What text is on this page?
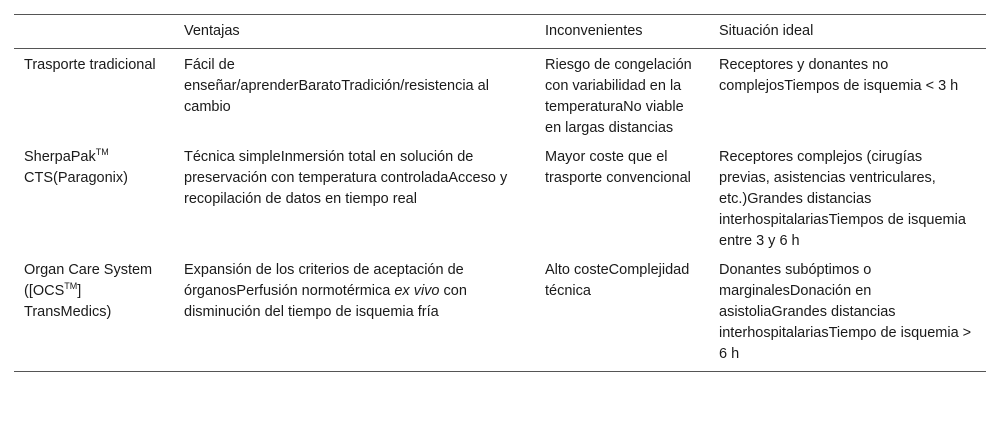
	Ventajas	Inconvenientes	Situación ideal
Trasporte tradicional	Fácil de enseñar/aprenderBaratoTradición/resistencia al cambio	Riesgo de congelación con variabilidad en la temperaturaNo viable en largas distancias	Receptores y donantes no complejosTiempos de isquemia < 3 h
SherpaPak™ CTS(Paragonix)	Técnica simpleInmersión total en solución de preservación con temperatura controladaAcceso y recopilación de datos en tiempo real	Mayor coste que el trasporte convencional	Receptores complejos (cirugías previas, asistencias ventriculares, etc.)Grandes distancias interhospitalariasTiempos de isquemia entre 3 y 6 h
Organ Care System ([OCS™] TransMedics)	Expansión de los criterios de aceptación de órganosPerfusión normotérmica ex vivo con disminución del tiempo de isquemia fría	Alto costeComplejidad técnica	Donantes subóptimos o marginalesDonación en asistoliaGrandes distancias interhospitalariasTiempo de isquemia > 6 h
